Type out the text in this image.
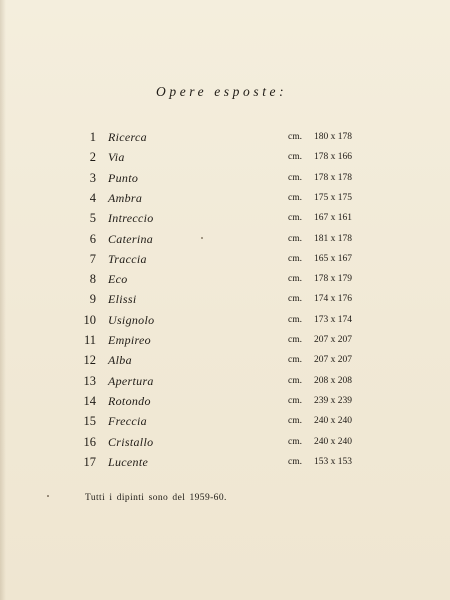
Opere esposte:
1 Ricerca	cm. 180 x 178
2 Via	cm. 178 x 166
3 Punto	cm. 178 x 178
4 Ambra	cm. 175 x 175
5 Intreccio	cm. 167 x 161
6 Caterina	cm. 181 x 178
7 Traccia	cm. 165 x 167
8 Eco	cm. 178 x 179
9 Elissi	cm. 174 x 176
10 Usignolo	cm. 173 x 174
11 Empireo	cm. 207 x 207
12 Alba	cm. 207 x 207
13 Apertura	cm. 208 x 208
14 Rotondo	cm. 239 x 239
15 Freccia	cm. 240 x 240
16 Cristallo	cm. 240 x 240
17 Lucente	cm. 153 x 153
Tutti i dipinti sono del 1959-60.
